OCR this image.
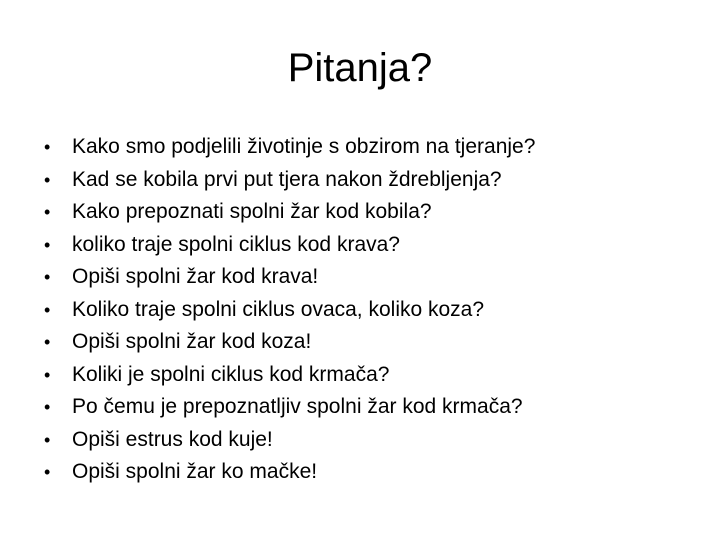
Pitanja?
•	Kako smo podjelili životinje s obzirom na tjeranje?
•	Kad se kobila prvi put tjera nakon ždrebljenja?
•	Kako prepoznati spolni žar kod kobila?
•	koliko traje spolni ciklus kod krava?
•	Opiši spolni žar kod krava!
•	Koliko traje spolni ciklus ovaca, koliko koza?
•	Opiši spolni žar kod koza!
•	Koliki je spolni ciklus kod krmača?
•	Po čemu je prepoznatljiv spolni žar kod krmača?
•	Opiši estrus kod kuje!
•	Opiši spolni žar ko mačke!
